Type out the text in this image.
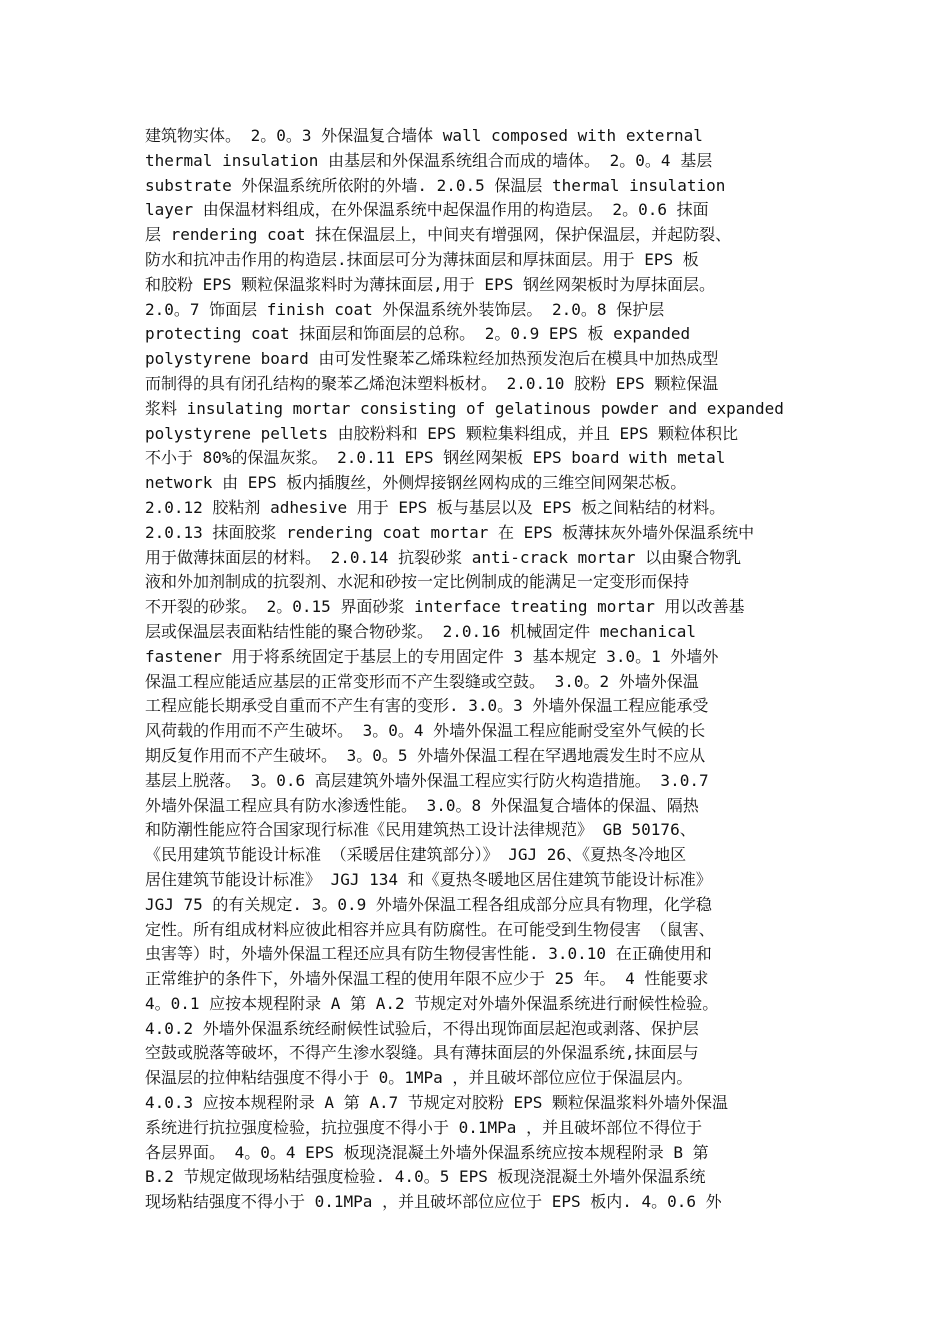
建筑物实体。 2。0。3 外保温复合墙体 wall composed with external
thermal insulation 由基层和外保温系统组合而成的墙体。 2。0。4 基层
substrate 外保温系统所依附的外墙. 2.0.5 保温层 thermal insulation
layer 由保温材料组成，在外保温系统中起保温作用的构造层。 2。0.6 抹面
层 rendering coat 抹在保温层上，中间夹有增强网，保护保温层，并起防裂、
防水和抗冲击作用的构造层.抹面层可分为薄抹面层和厚抹面层。用于 EPS 板
和胶粉 EPS 颗粒保温浆料时为薄抹面层,用于 EPS 钢丝网架板时为厚抹面层。
2.0。7 饰面层 finish coat 外保温系统外装饰层。 2.0。8 保护层
protecting coat 抹面层和饰面层的总称。 2。0.9 EPS 板 expanded
polystyrene board 由可发性聚苯乙烯珠粒经加热预发泡后在模具中加热成型
而制得的具有闭孔结构的聚苯乙烯泡沫塑料板材。 2.0.10 胶粉 EPS 颗粒保温
浆料 insulating mortar consisting of gelatinous powder and expanded
polystyrene pellets 由胶粉料和 EPS 颗粒集料组成，并且 EPS 颗粒体积比
不小于 80%的保温灰浆。 2.0.11 EPS 钢丝网架板 EPS board with metal
network 由 EPS 板内插腹丝，外侧焊接钢丝网构成的三维空间网架芯板。
2.0.12 胶粘剂 adhesive 用于 EPS 板与基层以及 EPS 板之间粘结的材料。
2.0.13 抹面胶浆 rendering coat mortar 在 EPS 板薄抹灰外墙外保温系统中
用于做薄抹面层的材料。 2.0.14 抗裂砂浆 anti-crack mortar 以由聚合物乳
液和外加剂制成的抗裂剂、水泥和砂按一定比例制成的能满足一定变形而保持
不开裂的砂浆。 2。0.15 界面砂浆 interface treating mortar 用以改善基
层或保温层表面粘结性能的聚合物砂浆。 2.0.16 机械固定件 mechanical
fastener 用于将系统固定于基层上的专用固定件 3 基本规定 3.0。1 外墙外
保温工程应能适应基层的正常变形而不产生裂缝或空鼓。 3.0。2 外墙外保温
工程应能长期承受自重而不产生有害的变形. 3.0。3 外墙外保温工程应能承受
风荷载的作用而不产生破坏。 3。0。4 外墙外保温工程应能耐受室外气候的长
期反复作用而不产生破坏。 3。0。5 外墙外保温工程在罕遇地震发生时不应从
基层上脱落。 3。0.6 高层建筑外墙外保温工程应实行防火构造措施。 3.0.7
外墙外保温工程应具有防水渗透性能。 3.0。8 外保温复合墙体的保温、隔热
和防潮性能应符合国家现行标准《民用建筑热工设计法律规范》 GB 50176、
《民用建筑节能设计标准 （采暖居住建筑部分）》 JGJ 26、《夏热冬冷地区
居住建筑节能设计标准》 JGJ 134 和《夏热冬暖地区居住建筑节能设计标准》
JGJ 75 的有关规定. 3。0.9 外墙外保温工程各组成部分应具有物理，化学稳
定性。所有组成材料应彼此相容并应具有防腐性。在可能受到生物侵害 （鼠害、
虫害等）时，外墙外保温工程还应具有防生物侵害性能. 3.0.10 在正确使用和
正常维护的条件下，外墙外保温工程的使用年限不应少于 25 年。 4 性能要求
4。0.1 应按本规程附录 A 第 A.2 节规定对外墙外保温系统进行耐候性检验。
4.0.2 外墙外保温系统经耐候性试验后，不得出现饰面层起泡或剥落、保护层
空鼓或脱落等破坏，不得产生渗水裂缝。具有薄抹面层的外保温系统,抹面层与
保温层的拉伸粘结强度不得小于 0。1MPa ，并且破坏部位应位于保温层内。
4.0.3 应按本规程附录 A 第 A.7 节规定对胶粉 EPS 颗粒保温浆料外墙外保温
系统进行抗拉强度检验，抗拉强度不得小于 0.1MPa ，并且破坏部位不得位于
各层界面。 4。0。4 EPS 板现浇混凝土外墙外保温系统应按本规程附录 B 第
B.2 节规定做现场粘结强度检验. 4.0。5 EPS 板现浇混凝土外墙外保温系统
现场粘结强度不得小于 0.1MPa ，并且破坏部位应位于 EPS 板内. 4。0.6 外
